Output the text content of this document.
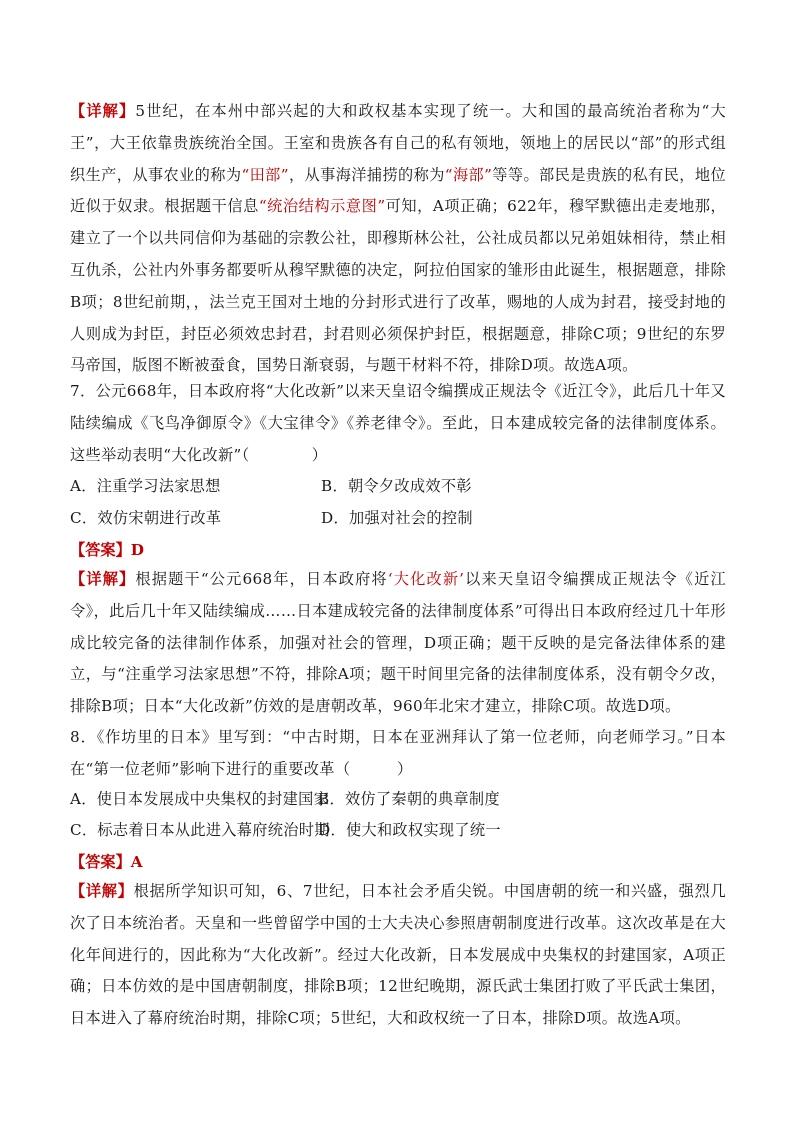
【详解】5世纪，在本州中部兴起的大和政权基本实现了统一。大和国的最高统治者称为“大王”，大王依靠贵族统治全国。王室和贵族各有自己的私有领地，领地上的居民以“部”的形式组织生产，从事农业的称为“田部”，从事海洋捕捞的称为“海部”等等。部民是贵族的私有民，地位近似于奴隶。根据题干信息“统治结构示意图”可知，A项正确；622年，穆罕默德出走麦地那，建立了一个以共同信仰为基础的宗教公社，即穆斯林公社，公社成员都以兄弟姐妹相待，禁止相互仇杀，公社内外事务都要听从穆罕默德的决定，阿拉伯国家的雏形由此诞生，根据题意，排除B项；8世纪前期，，法兰克王国对土地的分封形式进行了改革，赐地的人成为封君，接受封地的人则成为封臣，封臣必须效忠封君，封君则必须保护封臣，根据题意，排除C项；9世纪的东罗马帝国，版图不断被蚕食，国势日渐衰弱，与题干材料不符，排除D项。故选A项。

7．公元668年，日本政府将“大化改新”以来天皇诏令编撰成正规法令《近江令》，此后几十年又陆续编成《飞鸟净御原令》《大宝律令》《养老律令》。至此，日本建成较完备的法律制度体系。这些举动表明“大化改新”（　　　　）

A．注重学习法家思想	B．朝令夕改成效不彰
C．效仿宋朝进行改革	D．加强对社会的控制
【答案】D

【详解】根据题干“公元668年，日本政府将‘大化改新’以来天皇诏令编撰成正规法令《近江令》，此后几十年又陆续编成……日本建成较完备的法律制度体系”可得出日本政府经过几十年形成比较完备的法律制作体系，加强对社会的管理，D项正确；题干反映的是完备法律体系的建立，与“注重学习法家思想”不符，排除A项；题干时间里完备的法律制度体系，没有朝令夕改，排除B项；日本“大化改新”仿效的是唐朝改革，960年北宋才建立，排除C项。故选D项。

8．《作坊里的日本》里写到：“中古时期，日本在亚洲拜认了第一位老师，向老师学习。”日本在“第一位老师”影响下进行的重要改革（　　　）

A．使日本发展成中央集权的封建国家
B．效仿了秦朝的典章制度
C．标志着日本从此进入幕府统治时期
D．使大和政权实现了统一
【答案】A

【详解】根据所学知识可知，6、7世纪，日本社会矛盾尖锐。中国唐朝的统一和兴盛，强烈几次了日本统治者。天皇和一些曾留学中国的士大夫决心参照唐朝制度进行改革。这次改革是在大化年间进行的，因此称为“大化改新”。经过大化改新，日本发展成中央集权的封建国家，A项正确；日本仿效的是中国唐朝制度，排除B项；12世纪晚期，源氏武士集团打败了平氏武士集团，日本进入了幕府统治时期，排除C项；5世纪，大和政权统一了日本，排除D项。故选A项。
